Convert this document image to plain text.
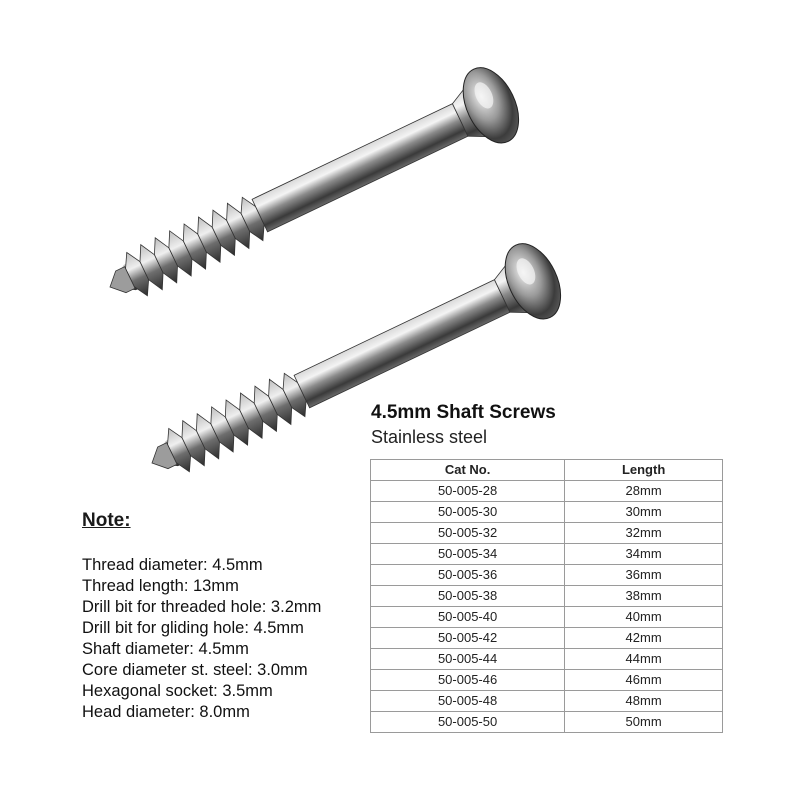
4.5mm Shaft Screws
Stainless steel
Cat No.	Length
50-005-28	28mm
50-005-30	30mm
50-005-32	32mm
50-005-34	34mm
50-005-36	36mm
50-005-38	38mm
50-005-40	40mm
50-005-42	42mm
50-005-44	44mm
50-005-46	46mm
50-005-48	48mm
50-005-50	50mm
Note:
Thread diameter: 4.5mm
Thread length: 13mm
Drill bit for threaded hole: 3.2mm
Drill bit for gliding hole: 4.5mm
Shaft diameter: 4.5mm
Core diameter st. steel: 3.0mm
Hexagonal socket: 3.5mm
Head diameter: 8.0mm
